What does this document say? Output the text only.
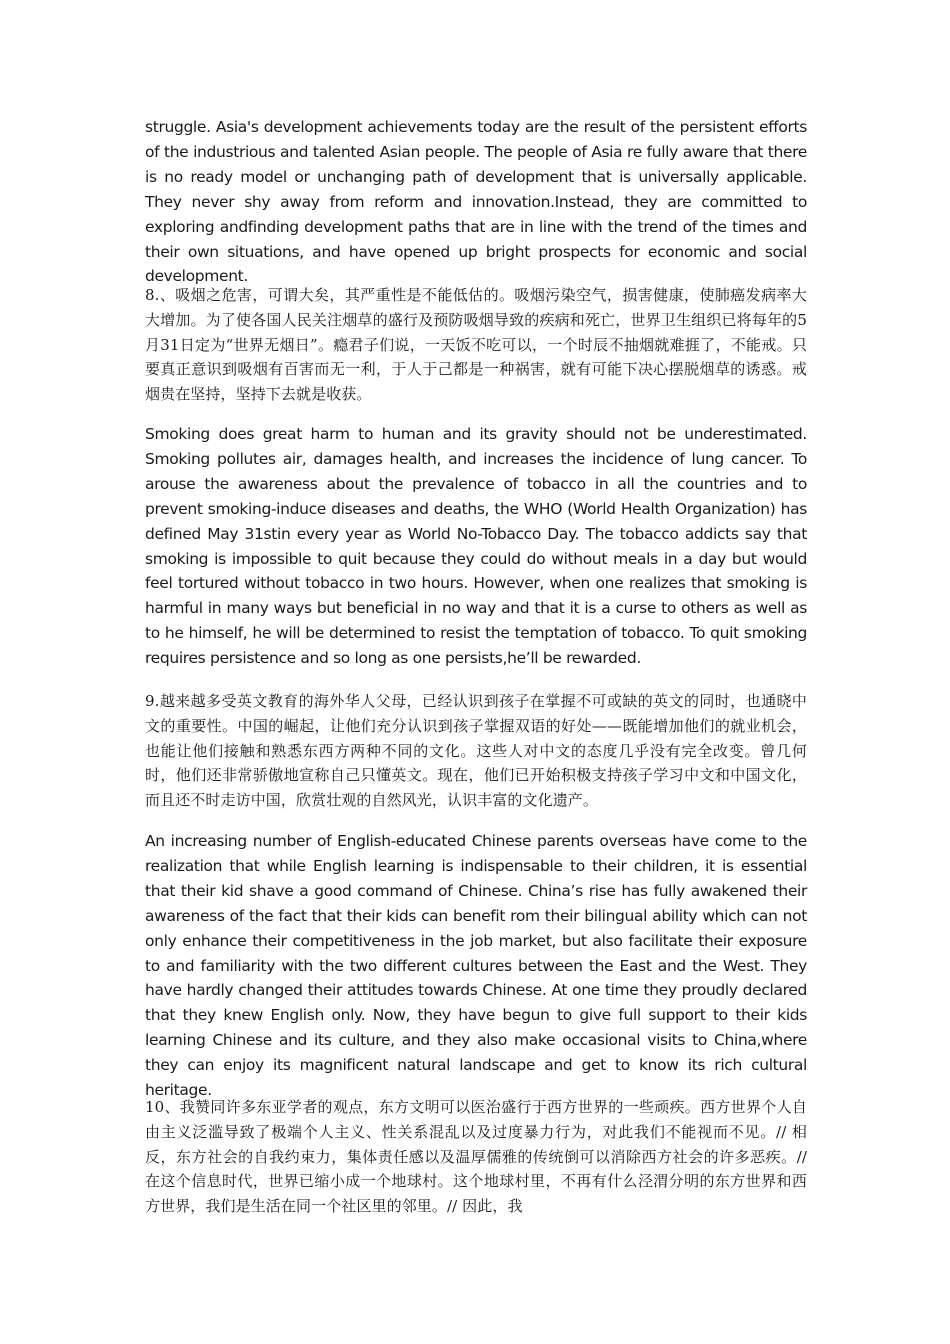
struggle. Asia's development achievements today are the result of the persistent efforts of the industrious and talented Asian people. The people of Asia re fully aware that there is no ready model or unchanging path of development that is universally applicable. They never shy away from reform and innovation.Instead, they are committed to exploring andfinding development paths that are in line with the trend of the times and their own situations, and have opened up bright prospects for economic and social development.

8.、吸烟之危害，可谓大矣，其严重性是不能低估的。吸烟污染空气，损害健康，使肺癌发病率大大增加。为了使各国人民关注烟草的盛行及预防吸烟导致的疾病和死亡，世界卫生组织已将每年的5月31日定为“世界无烟日”。瘾君子们说，一天饭不吃可以，一个时辰不抽烟就难捱了，不能戒。只要真正意识到吸烟有百害而无一利，于人于己都是一种祸害，就有可能下决心摆脱烟草的诱惑。戒烟贵在坚持，坚持下去就是收获。

Smoking does great harm to human and its gravity should not be underestimated. Smoking pollutes air, damages health, and increases the incidence of lung cancer. To arouse the awareness about the prevalence of tobacco in all the countries and to prevent smoking-induce diseases and deaths, the WHO (World Health Organization) has defined May 31stin every year as World No-Tobacco Day. The tobacco addicts say that smoking is impossible to quit because they could do without meals in a day but would feel tortured without tobacco in two hours. However, when one realizes that smoking is harmful in many ways but beneficial in no way and that it is a curse to others as well as to he himself, he will be determined to resist the temptation of tobacco. To quit smoking requires persistence and so long as one persists,he’ll be rewarded.

9.越来越多受英文教育的海外华人父母，已经认识到孩子在掌握不可或缺的英文的同时，也通晓中文的重要性。中国的崛起，让他们充分认识到孩子掌握双语的好处——既能增加他们的就业机会，也能让他们接触和熟悉东西方两种不同的文化。这些人对中文的态度几乎没有完全改变。曾几何时，他们还非常骄傲地宣称自己只懂英文。现在，他们已开始积极支持孩子学习中文和中国文化，而且还不时走访中国，欣赏壮观的自然风光，认识丰富的文化遗产。

An increasing number of English-educated Chinese parents overseas have come to the realization that while English learning is indispensable to their children, it is essential that their kid shave a good command of Chinese. China’s rise has fully awakened their awareness of the fact that their kids can benefit rom their bilingual ability which can not only enhance their competitiveness in the job market, but also facilitate their exposure to and familiarity with the two different cultures between the East and the West. They have hardly changed their attitudes towards Chinese. At one time they proudly declared that they knew English only. Now, they have begun to give full support to their kids learning Chinese and its culture, and they also make occasional visits to China,where they can enjoy its magnificent natural landscape and get to know its rich cultural heritage.

10、我赞同许多东亚学者的观点，东方文明可以医治盛行于西方世界的一些顽疾。西方世界个人自由主义泛滥导致了极端个人主义、性关系混乱以及过度暴力行为，对此我们不能视而不见。// 相反，东方社会的自我约束力，集体责任感以及温厚儒雅的传统倒可以消除西方社会的许多恶疾。// 在这个信息时代，世界已缩小成一个地球村。这个地球村里，不再有什么泾渭分明的东方世界和西方世界，我们是生活在同一个社区里的邻里。// 因此，我
